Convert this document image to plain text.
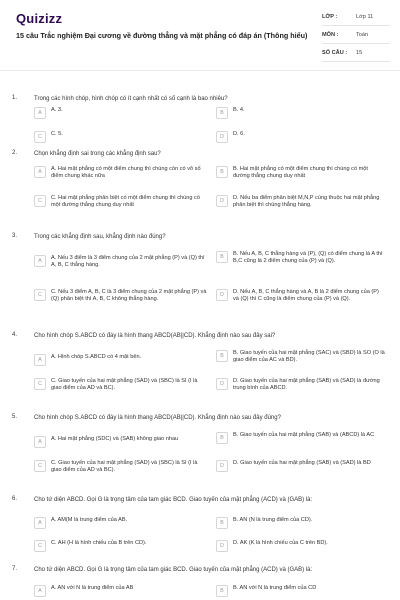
Quizizz
15 câu Trắc nghiệm Đại cương về đường thẳng và mặt phẳng có đáp án (Thông hiểu)
LỚP :	Lớp 11
MÔN :	Toán
SỐ CÂU :	15
1.	Trong các hình chóp, hình chóp có ít cạnh nhất có số cạnh là bao nhiêu?
A	A. 3.	B	B. 4.
C	C. 5.	D	D. 6.
2.	Chọn khẳng định sai trong các khẳng định sau?
A	A. Hai mặt phẳng có một điểm chung thì chúng còn có vô số điểm chung khác nữa
B	B. Hai mặt phẳng có một điểm chung thì chúng có một đường thẳng chung duy nhất
C	C. Hai mặt phẳng phân biệt có một điểm chung thì chúng có một đường thẳng chung duy nhất
D	D. Nếu ba điểm phân biệt M,N,P cùng thuộc hai mặt phẳng phân biệt thì chúng thẳng hàng.
3.	Trong các khẳng định sau, khẳng định nào đúng?
A	A. Nếu 3 điểm là 3 điểm chung của 2 mặt phẳng (P) và (Q) thì A, B, C thẳng hàng.
B	B. Nếu A, B, C thẳng hàng và (P), (Q) có điểm chung là A thì B,C cũng là 2 điểm chung của (P) và (Q).
C	C. Nếu 3 điểm A, B, C là 3 điểm chung của 2 mặt phẳng (P) và (Q) phân biệt thì A, B, C không thẳng hàng.
D	D. Nếu A, B, C thẳng hàng và A, B là 2 điểm chung của (P) và (Q) thì C cũng là điểm chung của (P) và (Q).
4.	Cho hình chóp S.ABCD có đáy là hình thang ABCD(AB||CD). Khẳng định nào sau đây sai?
A	A. Hình chóp S.ABCD có 4 mặt bên.	B	B. Giao tuyến của hai mặt phẳng (SAC) và (SBD) là SO (O là giao điểm của AC và BD).
C	C. Giao tuyến của hai mặt phẳng (SAD) và (SBC) là SI (I là giao điểm của AD và BC).
D	D. Giao tuyến của hai mặt phẳng (SAB) và (SAD) là đường trung bình của ABCD.
5.	Cho hình chóp S.ABCD có đáy là hình thang ABCD(AB||CD). Khẳng định nào sau đây đúng?
A	A. Hai mặt phẳng (SDC) và (SAB) không giao nhau	B	B. Giao tuyến của hai mặt phẳng (SAB) và (ABCD) là AC
C	C. Giao tuyến của hai mặt phẳng (SAD) và (SBC) là SI (I là giao điểm của AD và BC).
D	D. Giao tuyến của hai mặt phẳng (SAB) và (SAD) là BD
6.	Cho tứ diện ABCD. Gọi G là trọng tâm của tam giác BCD. Giao tuyến của mặt phẳng (ACD) và (GAB) là:
A	A. AM(M là trung điểm của AB.	B	B. AN (N là trung điểm của CD).
C	C. AH (H là hình chiếu của B trên CD).	D	D. AK (K là hình chiếu của C trên BD).
7.	Cho tứ diện ABCD. Gọi G là trọng tâm của tam giác BCD. Giao tuyến của mặt phẳng (ACD) và (GAB) là:
A	A. AN với N là trung điểm của AB	B	B. AN với N là trung điểm của CD
